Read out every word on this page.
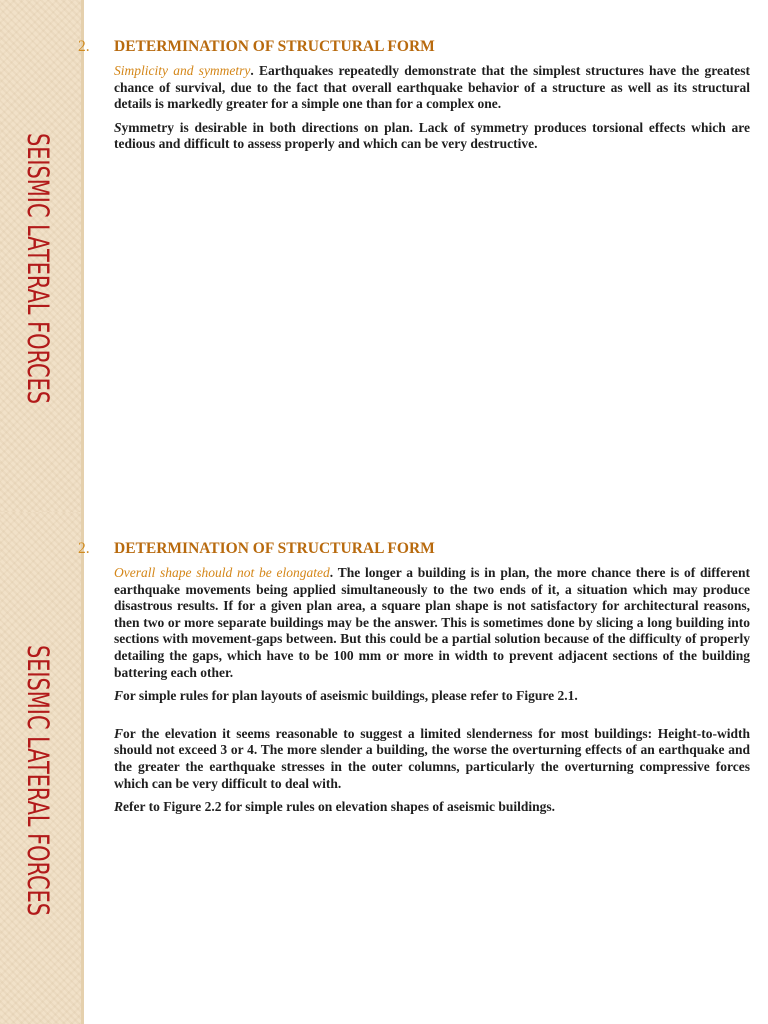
SEISMIC LATERAL FORCES
2.	DETERMINATION OF STRUCTURAL FORM

Simplicity and symmetry. Earthquakes repeatedly demonstrate that the simplest structures have the greatest chance of survival, due to the fact that overall earthquake behavior of a structure as well as its structural details is markedly greater for a simple one than for a complex one.

Symmetry is desirable in both directions on plan. Lack of symmetry produces torsional effects which are tedious and difficult to assess properly and which can be very destructive.

SEISMIC LATERAL FORCES
2.	DETERMINATION OF STRUCTURAL FORM

Overall shape should not be elongated. The longer a building is in plan, the more chance there is of different earthquake movements being applied simultaneously to the two ends of it, a situation which may produce disastrous results. If for a given plan area, a square plan shape is not satisfactory for architectural reasons, then two or more separate buildings may be the answer. This is sometimes done by slicing a long building into sections with movement-gaps between. But this could be a partial solution because of the difficulty of properly detailing the gaps, which have to be 100 mm or more in width to prevent adjacent sections of the building battering each other.

For simple rules for plan layouts of aseismic buildings, please refer to Figure 2.1.

For the elevation it seems reasonable to suggest a limited slenderness for most buildings: Height-to-width should not exceed 3 or 4. The more slender a building, the worse the overturning effects of an earthquake and the greater the earthquake stresses in the outer columns, particularly the overturning compressive forces which can be very difficult to deal with.

Refer to Figure 2.2 for simple rules on elevation shapes of aseismic buildings.
